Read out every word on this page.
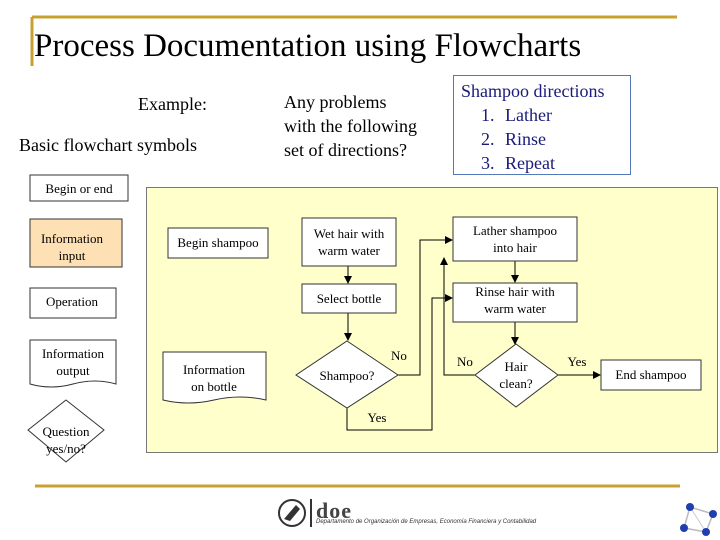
Process Documentation using Flowcharts
Example:
Basic flowchart symbols
Any problems
with the following
set of directions?
Shampoo directions
1. Lather
2. Rinse
3. Repeat
Begin or end
Information
input
Operation
Information
output
Question
yes/no?
Begin shampoo
Information
on bottle
Wet hair with
warm water
Select bottle
Shampoo?
No
Yes
Lather shampoo
into hair
Rinse hair with
warm water
Hair
clean?
No	Yes
End shampoo
doe
Departamento de Organización de Empresas, Economía Financiera y Contabilidad
